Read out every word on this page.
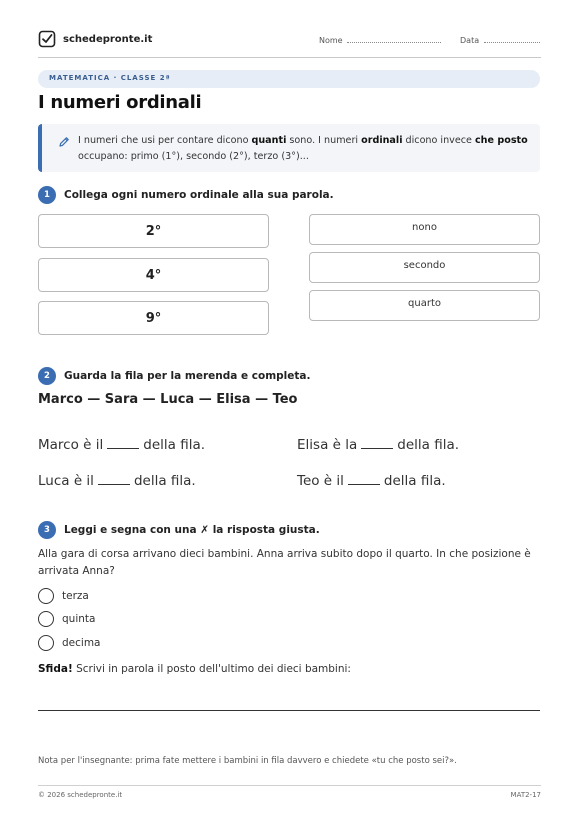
schedepronte.it	Nome	Data
MATEMATICA · CLASSE 2ª
I numeri ordinali
I numeri che usi per contare dicono quanti sono. I numeri ordinali dicono invece che posto occupano: primo (1°), secondo (2°), terzo (3°)...
1	Collega ogni numero ordinale alla sua parola.
2°
4°
9°
nono
secondo
quarto
2	Guarda la fila per la merenda e completa.
Marco — Sara — Luca — Elisa — Teo
Marco è il	della fila.	Elisa è la	della fila.
Luca è il	della fila.	Teo è il	della fila.
3	Leggi e segna con una ✗ la risposta giusta.
Alla gara di corsa arrivano dieci bambini. Anna arriva subito dopo il quarto. In che posizione è arrivata Anna?
terza
quinta
decima
Sfida! Scrivi in parola il posto dell'ultimo dei dieci bambini:
Nota per l'insegnante: prima fate mettere i bambini in fila davvero e chiedete «tu che posto sei?».
© 2026 schedepronte.it	MAT2-17
